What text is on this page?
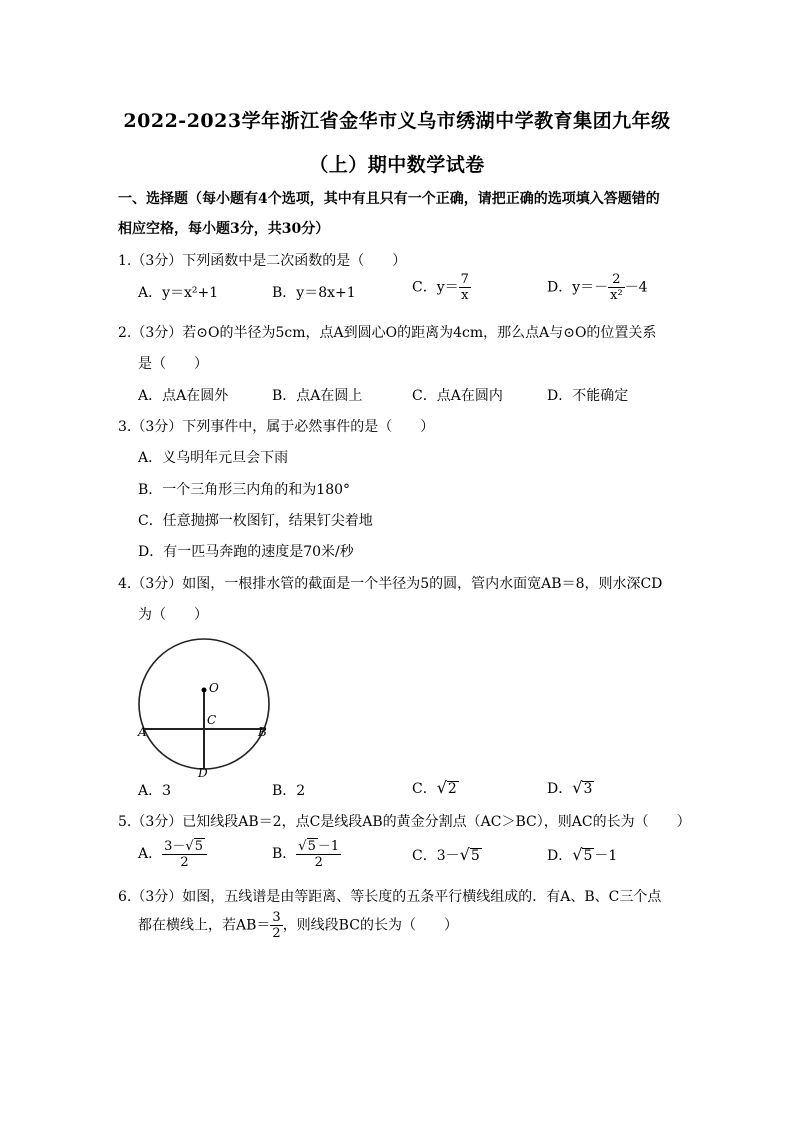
2022-2023学年浙江省金华市义乌市绣湖中学教育集团九年级
（上）期中数学试卷
一、选择题（每小题有4个选项，其中有且只有一个正确，请把正确的选项填入答题错的
相应空格，每小题3分，共30分）
1.（3分）下列函数中是二次函数的是（　　）
A．y＝x²+1	B．y＝8x+1	C．$y= \frac{7}{x}$	D．$y=- \frac{2}{\text{x²}} -4$
2.（3分）若⊙O的半径为5cm，点A到圆心O的距离为4cm，那么点A与⊙O的位置关系
是（　　）
A．点A在圆外	B．点A在圆上	C．点A在圆内	D．不能确定
3.（3分）下列事件中，属于必然事件的是（　　）
A．义乌明年元旦会下雨
B．一个三角形三内角的和为180°
C．任意抛掷一枚图钉，结果钉尖着地
D．有一匹马奔跑的速度是70米/秒
4.（3分）如图，一根排水管的截面是一个半径为5的圆，管内水面宽AB＝8，则水深CD
为（　　）
O
C
A	B
D
A．3	B．2	C．√2	D．√3
5.（3分）已知线段AB＝2，点C是线段AB的黄金分割点（AC＞BC），则AC的长为（　　）
A． $\frac{3-√5}{2}$	B． $\frac{√5 -1}{2}$	C．3－√5	D．√5 －1
6.（3分）如图，五线谱是由等距离、等长度的五条平行横线组成的．有A、B、C三个点
都在横线上，若$AB= \frac{3}{2}$ ，则线段BC的长为（　　）
